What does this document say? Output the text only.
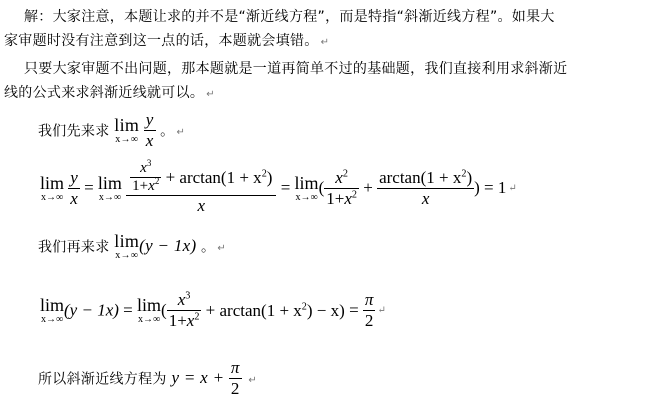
解：大家注意，本题让求的并不是“渐近线方程”，而是特指“斜渐近线方程”。如果大
家审题时没有注意到这一点的话，本题就会填错。 ↵
只要大家审题不出问题，那本题就是一道再简单不过的基础题，我们直接利用求斜渐近
线的公式来求斜渐近线就可以。 ↵
我们先来求 lim
x→∞
$\frac{y}{x}$ 。 ↵
lim
x→∞
$\frac{y}{x} = \lim$
x→∞
$\frac{\frac{x^3}{1+x^2} + \arctan(1 + x^2)}{x} = \lim$
x→∞ ( $\frac{x^2}{1+x^2} + \frac{\arctan(1 + x^2)}{x}$ ) = 1 ↵
我们再来求 lim
x→∞ (y − 1x) 。 ↵
lim
x→∞ (y − 1x) = lim
x→∞ ( $\frac{x^3}{1+x^2} + \arctan(1 + x^2) - x) = \frac{\pi}{2}$ ↵
所以斜渐近线方程为 $y = x + \frac{\pi}{2}$ ↵
